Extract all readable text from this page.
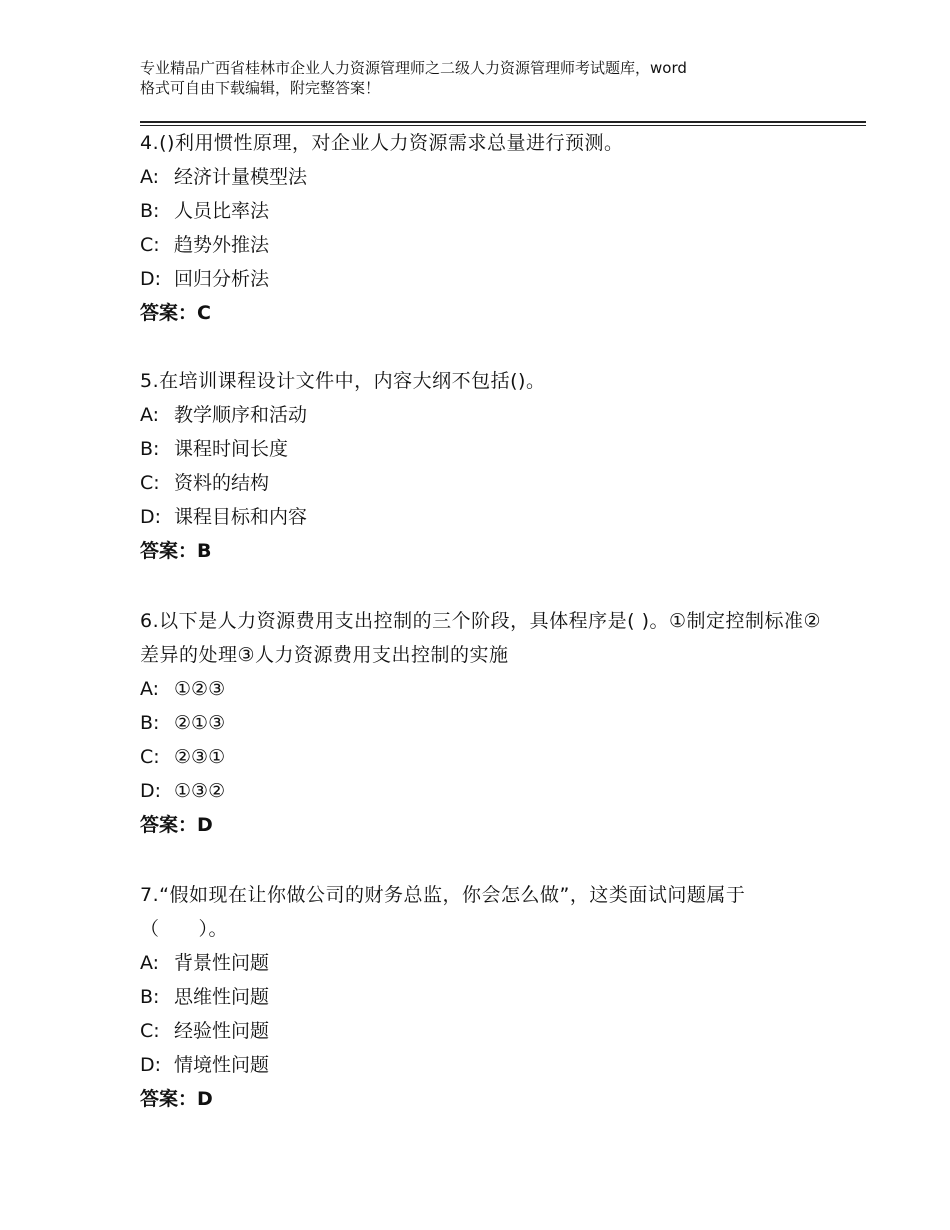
专业精品广西省桂林市企业人力资源管理师之二级人力资源管理师考试题库，word
格式可自由下载编辑，附完整答案！
4.()利用惯性原理，对企业人力资源需求总量进行预测。
A: 经济计量模型法
B: 人员比率法
C: 趋势外推法
D: 回归分析法
答案：C
5.在培训课程设计文件中，内容大纲不包括()。
A: 教学顺序和活动
B: 课程时间长度
C: 资料的结构
D: 课程目标和内容
答案：B
6.以下是人力资源费用支出控制的三个阶段，具体程序是( )。①制定控制标准②差异的处理③人力资源费用支出控制的实施
A: ①②③
B: ②①③
C: ②③①
D: ①③②
答案：D
7.“假如现在让你做公司的财务总监，你会怎么做”，这类面试问题属于（　　）。
A: 背景性问题
B: 思维性问题
C: 经验性问题
D: 情境性问题
答案：D
